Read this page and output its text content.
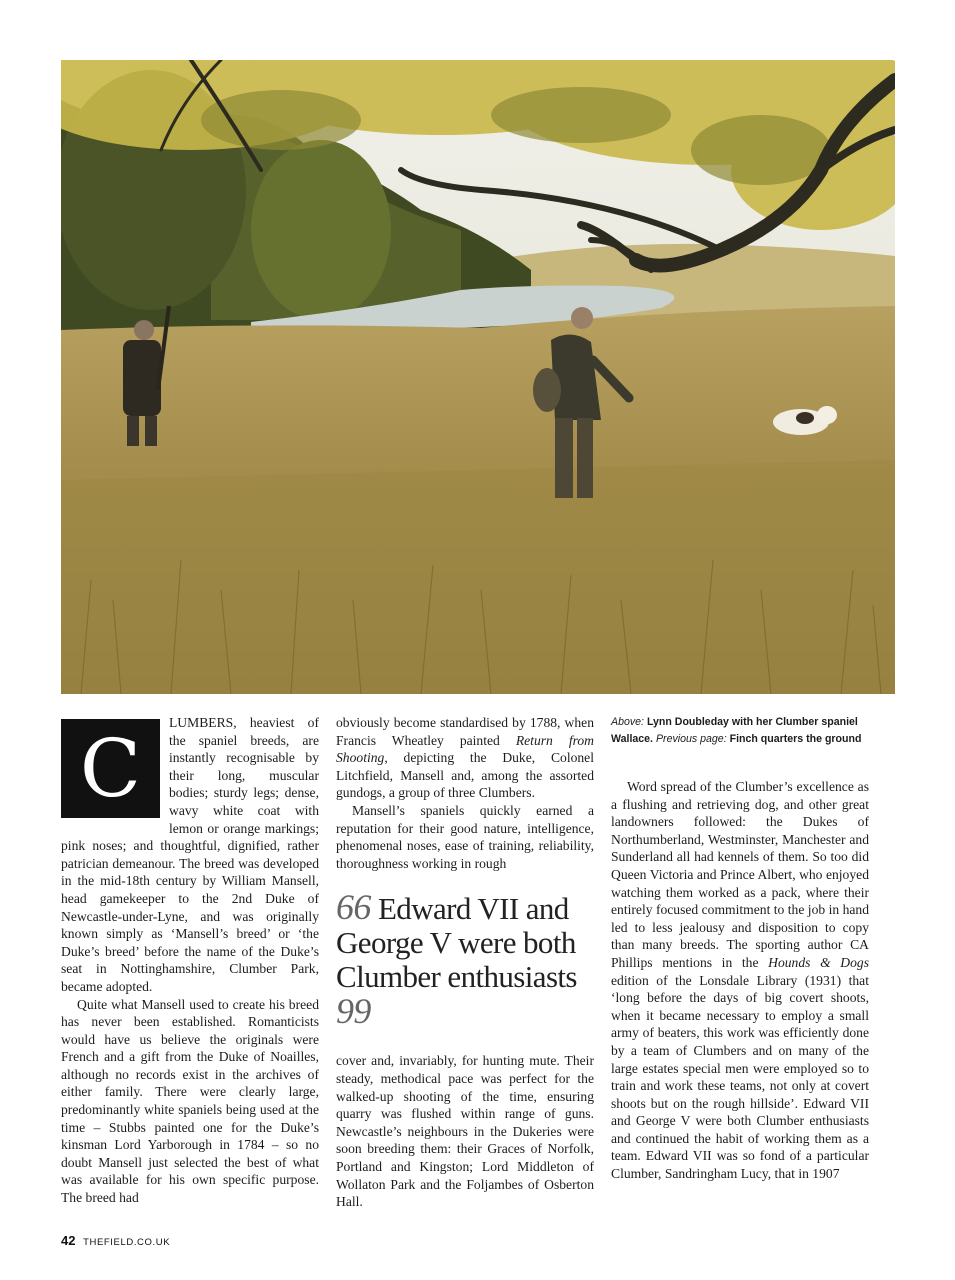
C	LUMBERS, heaviest of the spaniel breeds, are instantly recognisable by their long, muscular bodies; sturdy legs; dense, wavy white coat with lemon or orange markings; pink noses; and thoughtful, dignified, rather patrician demeanour. The breed was developed in the mid-18th century by William Mansell, head gamekeeper to the 2nd Duke of Newcastle-under-Lyne, and was originally known simply as ‘Mansell’s breed’ or ‘the Duke’s breed’ before the name of the Duke’s seat in Nottinghamshire, Clumber Park, became adopted.

Quite what Mansell used to create his breed has never been established. Romanticists would have us believe the originals were French and a gift from the Duke of Noailles, although no records exist in the archives of either family. There were clearly large, predominantly white spaniels being used at the time – Stubbs painted one for the Duke’s kinsman Lord Yarborough in 1784 – so no doubt Mansell just selected the best of what was available for his own specific purpose. The breed had

obviously become standardised by 1788, when Francis Wheatley painted Return from Shooting, depicting the Duke, Colonel Litchfield, Mansell and, among the assorted gundogs, a group of three Clumbers.

Mansell’s spaniels quickly earned a reputation for their good nature, intelligence, phenomenal noses, ease of training, reliability, thoroughness working in rough

66 Edward VII and George V were both Clumber enthusiasts 99

cover and, invariably, for hunting mute. Their steady, methodical pace was perfect for the walked-up shooting of the time, ensuring quarry was flushed within range of guns. Newcastle’s neighbours in the Dukeries were soon breeding them: their Graces of Norfolk, Portland and Kingston; Lord Middleton of Wollaton Park and the Foljambes of Osberton Hall.

Above: Lynn Doubleday with her Clumber spaniel Wallace. Previous page: Finch quarters the ground

Word spread of the Clumber’s excellence as a flushing and retrieving dog, and other great landowners followed: the Dukes of Northumberland, Westminster, Manchester and Sunderland all had kennels of them. So too did Queen Victoria and Prince Albert, who enjoyed watching them worked as a pack, where their entirely focused commitment to the job in hand led to less jealousy and disposition to copy than many breeds. The sporting author CA Phillips mentions in the Hounds & Dogs edition of the Lonsdale Library (1931) that ‘long before the days of big covert shoots, when it became necessary to employ a small army of beaters, this work was efficiently done by a team of Clumbers and on many of the large estates special men were employed so to train and work these teams, not only at covert shoots but on the rough hillside’. Edward VII and George V were both Clumber enthusiasts and continued the habit of working them as a team. Edward VII was so fond of a particular Clumber, Sandringham Lucy, that in 1907

42 THEFIELD.CO.UK
